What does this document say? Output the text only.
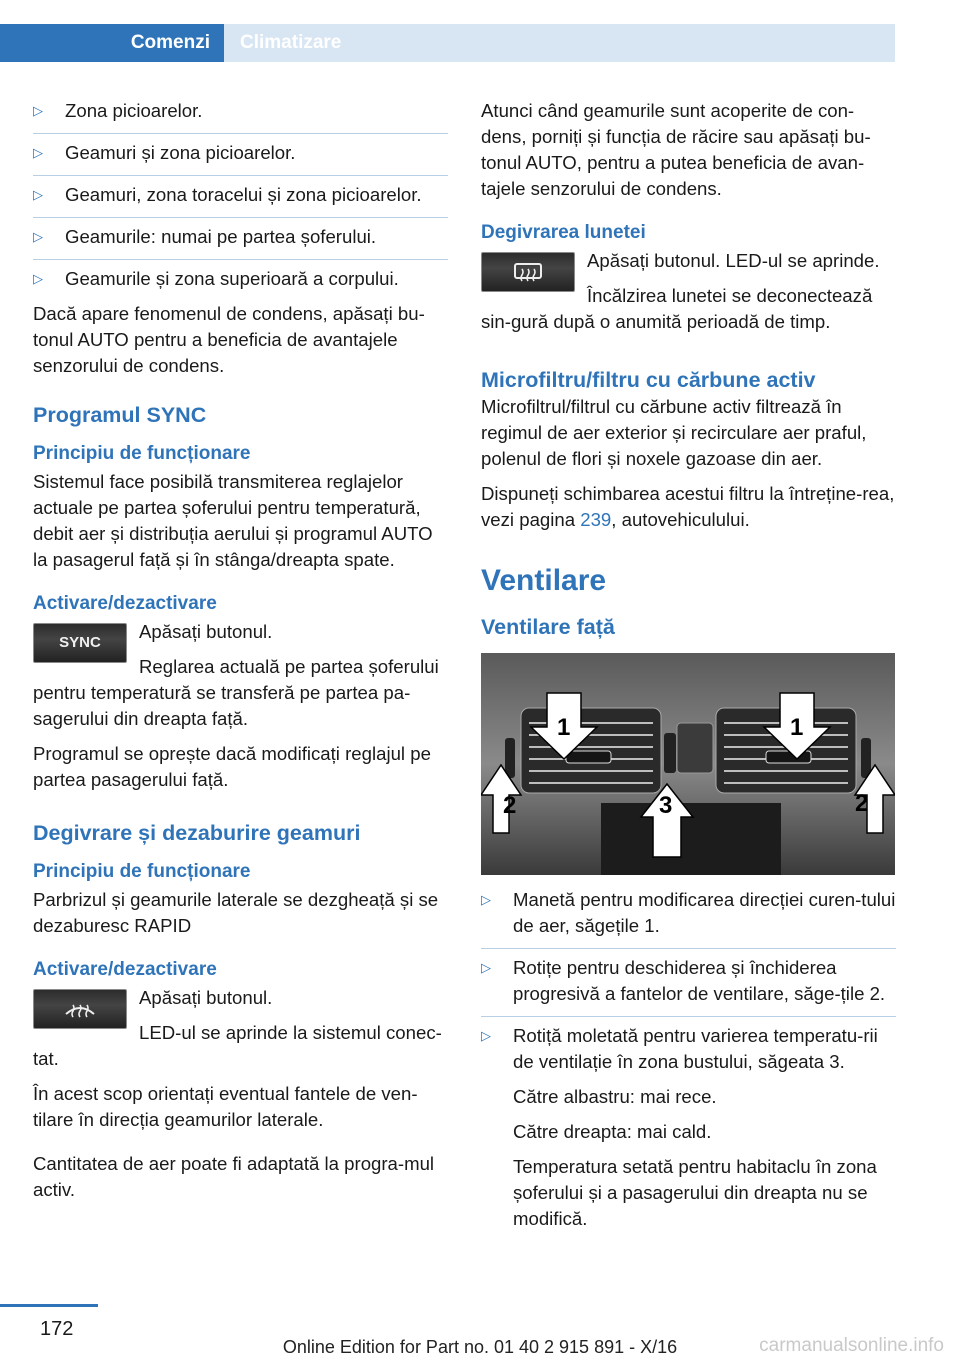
Comenzi	Climatizare
▷	Zona picioarelor.
▷	Geamuri și zona picioarelor.
▷	Geamuri, zona toracelui și zona picioarelor.
▷	Geamurile: numai pe partea șoferului.
▷	Geamurile și zona superioară a corpului.

Dacă apare fenomenul de condens, apăsați bu-tonul AUTO pentru a beneficia de avantajele senzorului de condens.

Programul SYNC
Principiu de funcționare

Sistemul face posibilă transmiterea reglajelor actuale pe partea șoferului pentru temperatură, debit aer și distribuția aerului și programul AUTO la pasagerul față și în stânga/dreapta spate.

Activare/dezactivare
SYNC

Apăsați butonul.

Reglarea actuală pe partea șoferului pentru temperatură se transferă pe partea pa-sagerului din dreapta față.

Programul se oprește dacă modificați reglajul pe partea pasagerului față.

Degivrare și dezaburire geamuri
Principiu de funcționare

Parbrizul și geamurile laterale se dezgheață și se dezaburesc RAPID

Activare/dezactivare

Apăsați butonul.

LED-ul se aprinde la sistemul conec-tat.

În acest scop orientați eventual fantele de ven-tilare în direcția geamurilor laterale.

Cantitatea de aer poate fi adaptată la progra-mul activ.

Atunci când geamurile sunt acoperite de con-dens, porniți și funcția de răcire sau apăsați bu-tonul AUTO, pentru a putea beneficia de avan-tajele senzorului de condens.

Degivrarea lunetei

Apăsați butonul. LED-ul se aprinde.

Încălzirea lunetei se deconectează sin-gură după o anumită perioadă de timp.

Microfiltru/filtru cu cărbune activ

Microfiltrul/filtrul cu cărbune activ filtrează în regimul de aer exterior și recirculare aer praful, polenul de flori și noxele gazoase din aer.

Dispuneți schimbarea acestui filtru la întreține-rea, vezi pagina 239, autovehiculului.

Ventilare
Ventilare față
1	1
2	3	2
▷	Manetă pentru modificarea direcției curen-tului de aer, săgețile 1.
▷	Rotițe pentru deschiderea și închiderea progresivă a fantelor de ventilare, săge-țile 2.
▷	Rotiță moletată pentru varierea temperatu-rii de ventilație în zona bustului, săgeata 3.

Către albastru: mai rece.

Către dreapta: mai cald.

Temperatura setată pentru habitaclu în zona șoferului și a pasagerului din dreapta nu se modifică.

172
Online Edition for Part no. 01 40 2 915 891 - X/16	carmanualsonline.info
